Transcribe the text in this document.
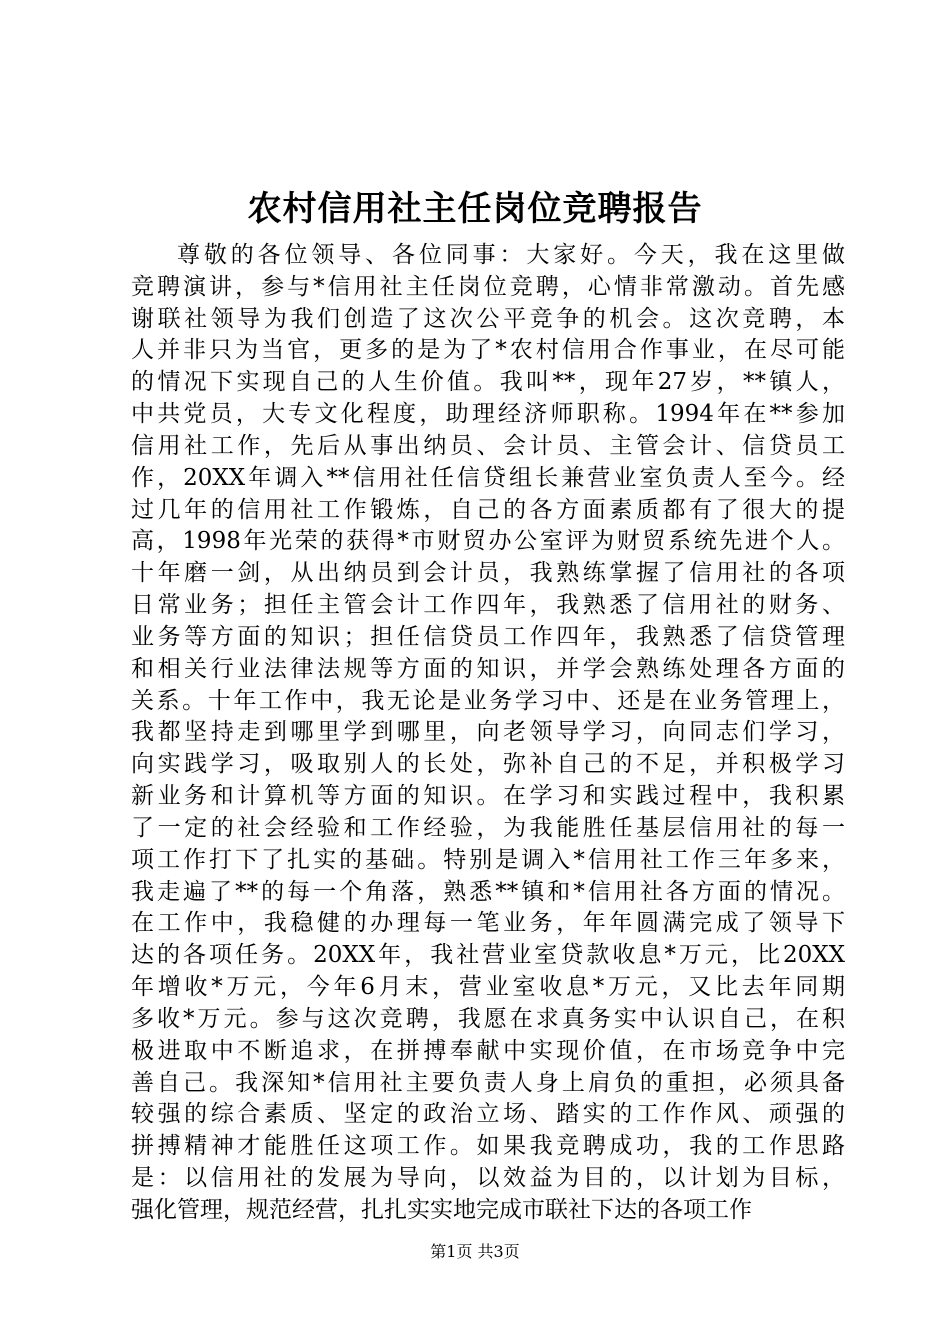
农村信用社主任岗位竞聘报告
尊敬的各位领导、各位同事：大家好。今天，我在这里做
竞聘演讲，参与*信用社主任岗位竞聘，心情非常激动。首先感
谢联社领导为我们创造了这次公平竞争的机会。这次竞聘，本
人并非只为当官，更多的是为了*农村信用合作事业，在尽可能
的情况下实现自己的人生价值。我叫**，现年27岁，**镇人，
中共党员，大专文化程度，助理经济师职称。1994年在**参加
信用社工作，先后从事出纳员、会计员、主管会计、信贷员工
作，20XX年调入**信用社任信贷组长兼营业室负责人至今。经
过几年的信用社工作锻炼，自己的各方面素质都有了很大的提
高，1998年光荣的获得*市财贸办公室评为财贸系统先进个人。
十年磨一剑，从出纳员到会计员，我熟练掌握了信用社的各项
日常业务；担任主管会计工作四年，我熟悉了信用社的财务、
业务等方面的知识；担任信贷员工作四年，我熟悉了信贷管理
和相关行业法律法规等方面的知识，并学会熟练处理各方面的
关系。十年工作中，我无论是业务学习中、还是在业务管理上，
我都坚持走到哪里学到哪里，向老领导学习，向同志们学习，
向实践学习，吸取别人的长处，弥补自己的不足，并积极学习
新业务和计算机等方面的知识。在学习和实践过程中，我积累
了一定的社会经验和工作经验，为我能胜任基层信用社的每一
项工作打下了扎实的基础。特别是调入*信用社工作三年多来，
我走遍了**的每一个角落，熟悉**镇和*信用社各方面的情况。
在工作中，我稳健的办理每一笔业务，年年圆满完成了领导下
达的各项任务。20XX年，我社营业室贷款收息*万元，比20XX
年增收*万元，今年6月末，营业室收息*万元，又比去年同期
多收*万元。参与这次竞聘，我愿在求真务实中认识自己，在积
极进取中不断追求，在拼搏奉献中实现价值，在市场竞争中完
善自己。我深知*信用社主要负责人身上肩负的重担，必须具备
较强的综合素质、坚定的政治立场、踏实的工作作风、顽强的
拼搏精神才能胜任这项工作。如果我竞聘成功，我的工作思路
是：以信用社的发展为导向，以效益为目的，以计划为目标，
强化管理，规范经营，扎扎实实地完成市联社下达的各项工作
第1页 共3页
